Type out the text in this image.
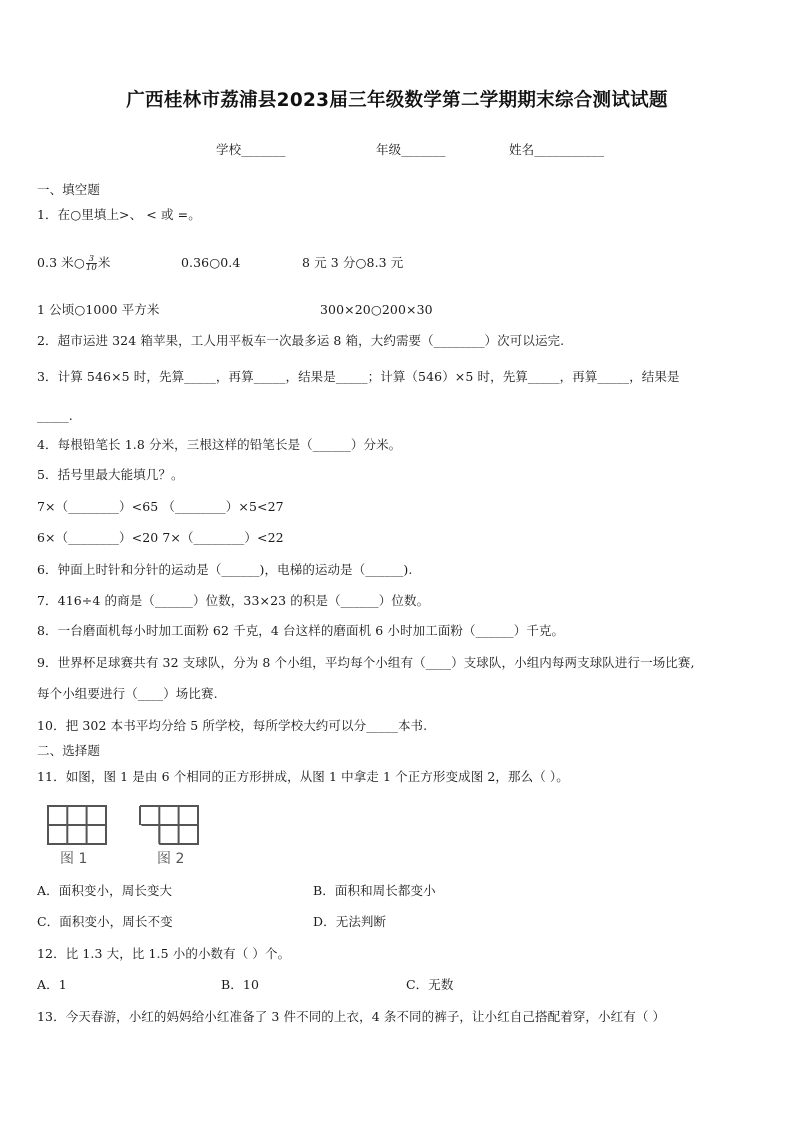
广西桂林市荔浦县2023届三年级数学第二学期期末综合测试试题
学校_______	年级_______	姓名___________
一、填空题
1．在○里填上>、 < 或 =。
0.3 米○ $\frac{3}{10}$ 米	0.36○0.4	8 元 3 分○8.3 元
1 公顷○1000 平方米	300×20○200×30
2．超市运进 324 箱苹果，工人用平板车一次最多运 8 箱，大约需要（________）次可以运完.
3．计算 546×5 时，先算_____，再算_____，结果是_____；计算（546）×5 时，先算_____，再算_____，结果是
_____.
4．每根铅笔长 1.8 分米，三根这样的铅笔长是（______）分米。
5．括号里最大能填几？。
7×（________）<65 （________）×5<27
6×（________）<20 7×（________）<22
6．钟面上时针和分针的运动是（______)，电梯的运动是（______).
7．416÷4 的商是（______）位数，33×23 的积是（______）位数。
8．一台磨面机每小时加工面粉 62 千克，4 台这样的磨面机 6 小时加工面粉（______）千克。
9．世界杯足球赛共有 32 支球队，分为 8 个小组，平均每个小组有（____）支球队，小组内每两支球队进行一场比赛,
每个小组要进行（____）场比赛.
10．把 302 本书平均分给 5 所学校，每所学校大约可以分_____本书.
二、选择题
11．如图，图 1 是由 6 个相同的正方形拼成，从图 1 中拿走 1 个正方形变成图 2，那么（ ）。
图 1	图 2
A．面积变小，周长变大	B．面积和周长都变小
C．面积变小，周长不变	D．无法判断
12．比 1.3 大，比 1.5 小的小数有（ ）个。
A．1	B．10	C．无数
13．今天春游，小红的妈妈给小红准备了 3 件不同的上衣，4 条不同的裤子，让小红自己搭配着穿，小红有（ ）
